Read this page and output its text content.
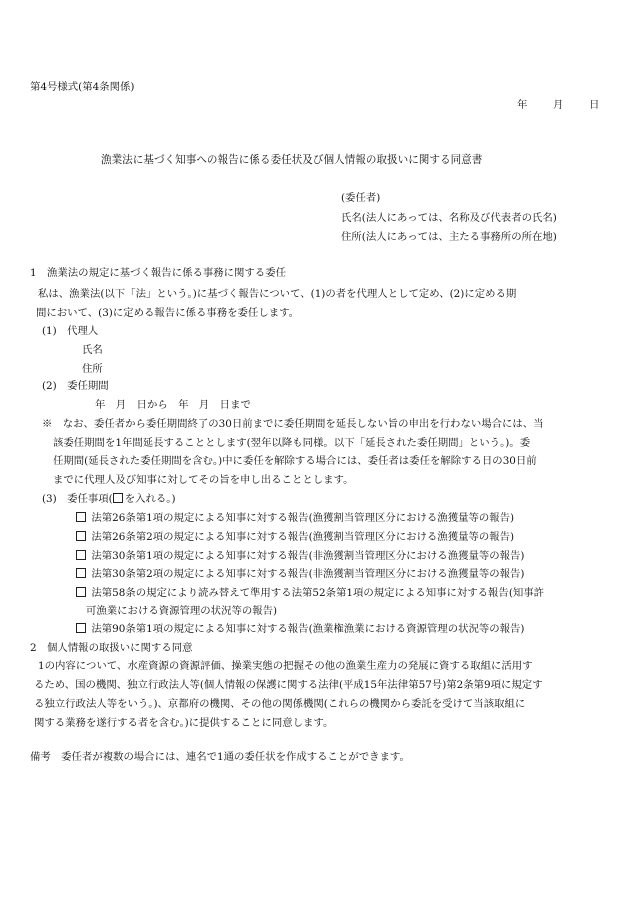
第4号様式(第4条関係)
年 月 日
漁業法に基づく知事への報告に係る委任状及び個人情報の取扱いに関する同意書
(委任者)
氏名(法人にあっては、名称及び代表者の氏名)
住所(法人にあっては、主たる事務所の所在地)
1　漁業法の規定に基づく報告に係る事務に関する委任
私は、漁業法(以下「法」という。)に基づく報告について、(1)の者を代理人として定め、(2)に定める期
間において、(3)に定める報告に係る事務を委任します。
(1)　代理人
氏名
住所
(2)　委任期間
年　月　日から　年　月　日まで
※　なお、委任者から委任期間終了の30日前までに委任期間を延長しない旨の申出を行わない場合には、当
該委任期間を1年間延長することとします(翌年以降も同様。以下「延長された委任期間」という。)。委
任期間(延長された委任期間を含む。)中に委任を解除する場合には、委任者は委任を解除する日の30日前
までに代理人及び知事に対してその旨を申し出ることとします。
(3)　委任事項( を入れる。)
法第26条第1項の規定による知事に対する報告(漁獲割当管理区分における漁獲量等の報告)
法第26条第2項の規定による知事に対する報告(漁獲割当管理区分における漁獲量等の報告)
法第30条第1項の規定による知事に対する報告(非漁獲割当管理区分における漁獲量等の報告)
法第30条第2項の規定による知事に対する報告(非漁獲割当管理区分における漁獲量等の報告)
法第58条の規定により読み替えて準用する法第52条第1項の規定による知事に対する報告(知事許
可漁業における資源管理の状況等の報告)
法第90条第1項の規定による知事に対する報告(漁業権漁業における資源管理の状況等の報告)
2　個人情報の取扱いに関する同意
1の内容について、水産資源の資源評価、操業実態の把握その他の漁業生産力の発展に資する取組に活用す
るため、国の機関、独立行政法人等(個人情報の保護に関する法律(平成15年法律第57号)第2条第9項に規定す
る独立行政法人等をいう。)、京都府の機関、その他の関係機関(これらの機関から委託を受けて当該取組に
関する業務を遂行する者を含む。)に提供することに同意します。
備考　委任者が複数の場合には、連名で1通の委任状を作成することができます。
